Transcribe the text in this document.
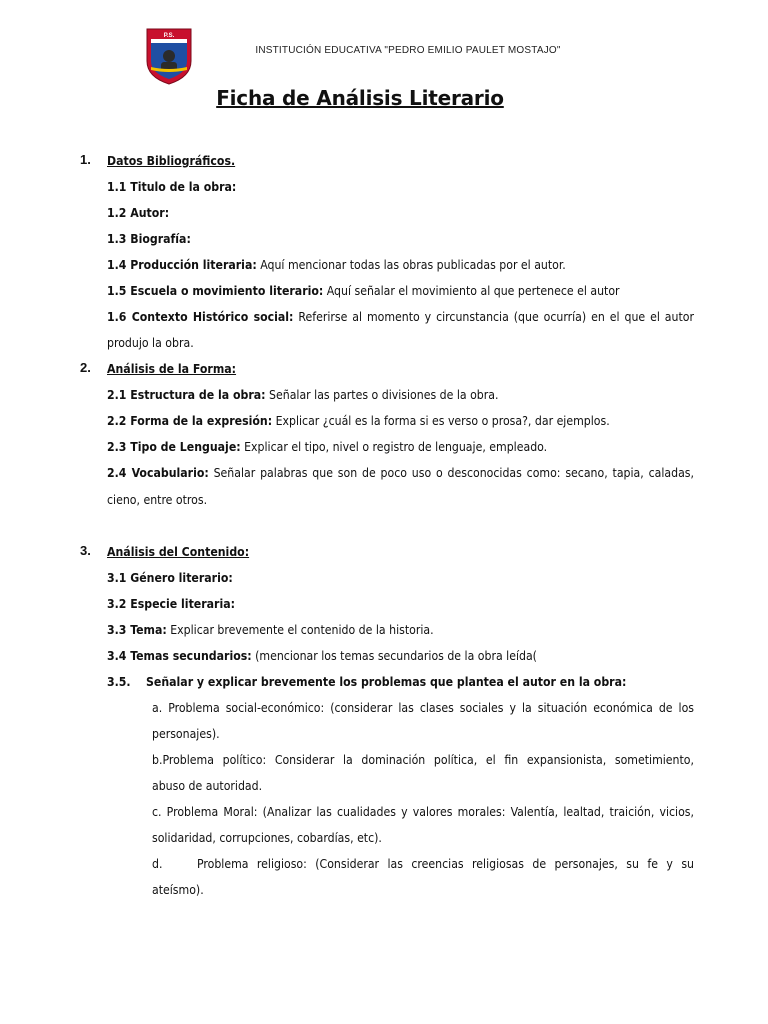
P.S.
INSTITUCIÓN EDUCATIVA "PEDRO EMILIO PAULET MOSTAJO"
Ficha de Análisis Literario
1. Datos Bibliográficos.
1.1 Titulo de la obra:
1.2 Autor:
1.3 Biografía:
1.4 Producción literaria: Aquí mencionar todas las obras publicadas por el autor.
1.5 Escuela o movimiento literario: Aquí señalar el movimiento al que pertenece el autor
1.6 Contexto Histórico social: Referirse al momento y circunstancia (que ocurría) en el que el autor
produjo la obra.
2. Análisis de la Forma:
2.1 Estructura de la obra: Señalar las partes o divisiones de la obra.
2.2 Forma de la expresión: Explicar ¿cuál es la forma si es verso o prosa?, dar ejemplos.
2.3 Tipo de Lenguaje: Explicar el tipo, nivel o registro de lenguaje, empleado.
2.4 Vocabulario: Señalar palabras que son de poco uso o desconocidas como: secano, tapia, caladas,
cieno, entre otros.
3. Análisis del Contenido:
3.1 Género literario:
3.2 Especie literaria:
3.3 Tema: Explicar brevemente el contenido de la historia.
3.4 Temas secundarios: (mencionar los temas secundarios de la obra leída(
3.5. Señalar y explicar brevemente los problemas que plantea el autor en la obra:
a. Problema social-económico: (considerar las clases sociales y la situación económica de los
personajes).
b.Problema político: Considerar la dominación política, el fin expansionista, sometimiento,
abuso de autoridad.
c. Problema Moral: (Analizar las cualidades y valores morales: Valentía, lealtad, traición, vicios,
solidaridad, corrupciones, cobardías, etc).
d.	Problema religioso: (Considerar las creencias religiosas de personajes, su fe y su
ateísmo).
